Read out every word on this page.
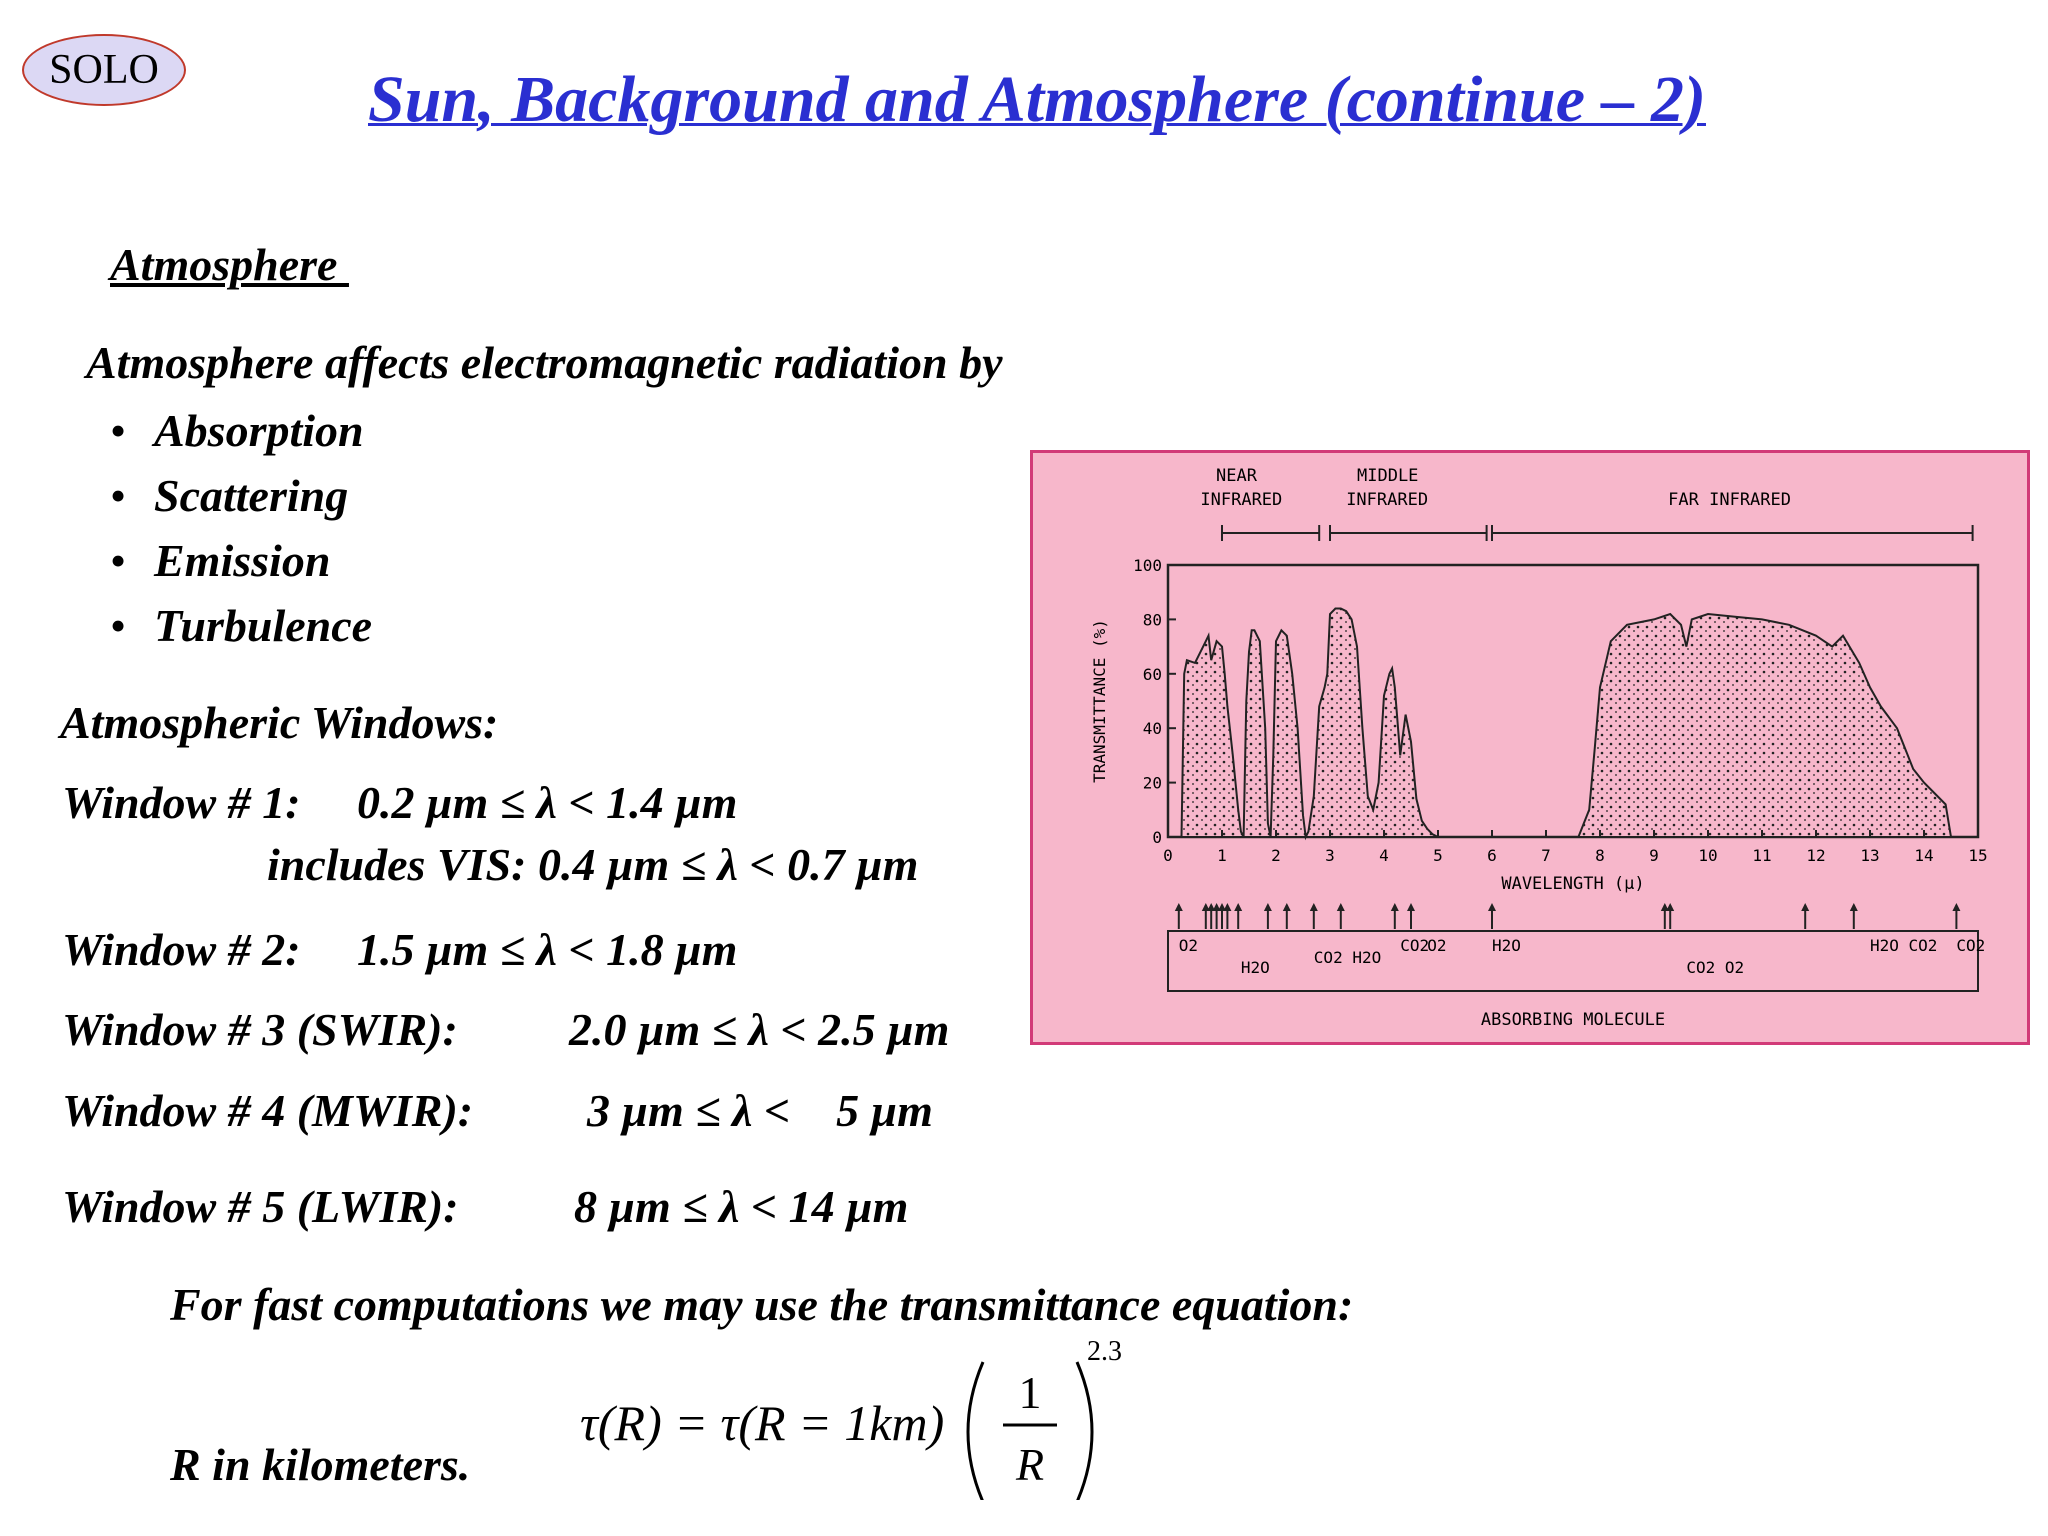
SOLO	Sun, Background and Atmosphere (continue – 2)
Atmosphere
Atmosphere affects electromagnetic radiation by
• Absorption
• Scattering
• Emission
• Turbulence
Atmospheric Windows:
Window # 1: 0.2 µm ≤ λ < 1.4 µm
includes VIS: 0.4 µm ≤ λ < 0.7 µm
Window # 2: 1.5 µm ≤ λ < 1.8 µm
Window # 3 (SWIR): 2.0 µm ≤ λ < 2.5 µm
Window # 4 (MWIR): 3 µm ≤ λ <    5 µm
Window # 5 (LWIR):	8 µm ≤ λ < 14 µm
For fast computations we may use the transmittance equation:
τ(R) = τ(R = 1km)
1
R
2.3
R in kilometers.
NEAR
INFRARED
MIDDLE
INFRARED	FAR INFRARED
0
20
40
60
80
100
TRANSMITTANCE (%)
0	1	2	3	4	5	6	7	8	9 10 11 12 13 14 15
WAVELENGTH (µ)
O2
H2O
CO2 H2O
CO2
O2	H2O
CO2 O2
H2O CO2 CO2
ABSORBING MOLECULE
